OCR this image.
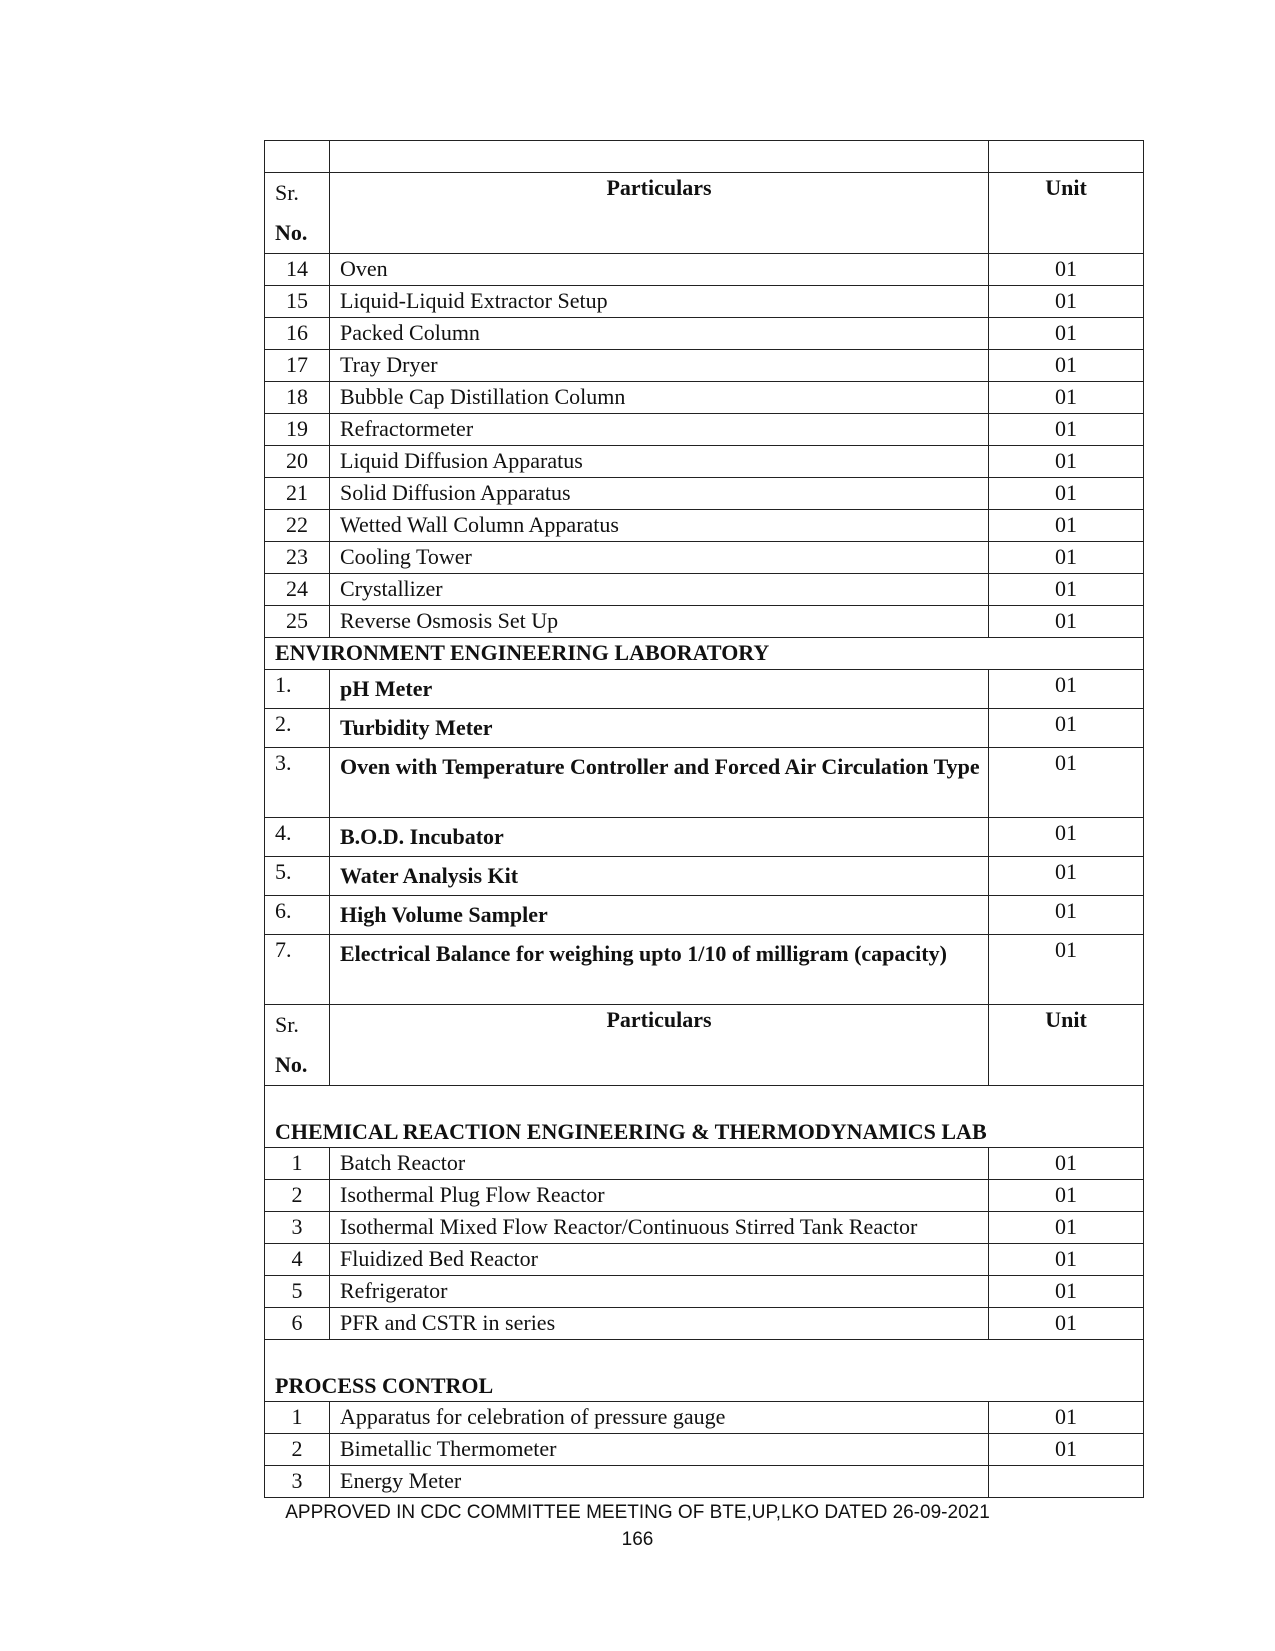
Sr.
No.	Particulars	Unit
14	Oven	01
15	Liquid-Liquid Extractor Setup	01
16	Packed Column	01
17	Tray Dryer	01
18	Bubble Cap Distillation Column	01
19	Refractormeter	01
20	Liquid Diffusion Apparatus	01
21	Solid Diffusion Apparatus	01
22	Wetted Wall Column Apparatus	01
23	Cooling Tower	01
24	Crystallizer	01
25	Reverse Osmosis Set Up	01
ENVIRONMENT ENGINEERING LABORATORY		
1.	pH Meter	01
2.	Turbidity Meter	01
3.	Oven with Temperature Controller and Forced Air Circulation Type	01
4.	B.O.D. Incubator	01
5.	Water Analysis Kit	01
6.	High Volume Sampler	01
7.	Electrical Balance for weighing upto 1/10 of milligram (capacity)	01

Sr.
No.	Particulars	Unit
CHEMICAL REACTION ENGINEERING & THERMODYNAMICS LAB		
1	Batch Reactor	01
2	Isothermal Plug Flow Reactor	01
3	Isothermal Mixed Flow Reactor/Continuous Stirred Tank Reactor	01
4	Fluidized Bed Reactor	01
5	Refrigerator	01
6	PFR and CSTR in series	01
PROCESS CONTROL		
1	Apparatus for celebration of pressure gauge	01
2	Bimetallic Thermometer	01
3	Energy Meter	
APPROVED IN CDC COMMITTEE MEETING OF BTE,UP,LKO DATED 26-09-2021
166
